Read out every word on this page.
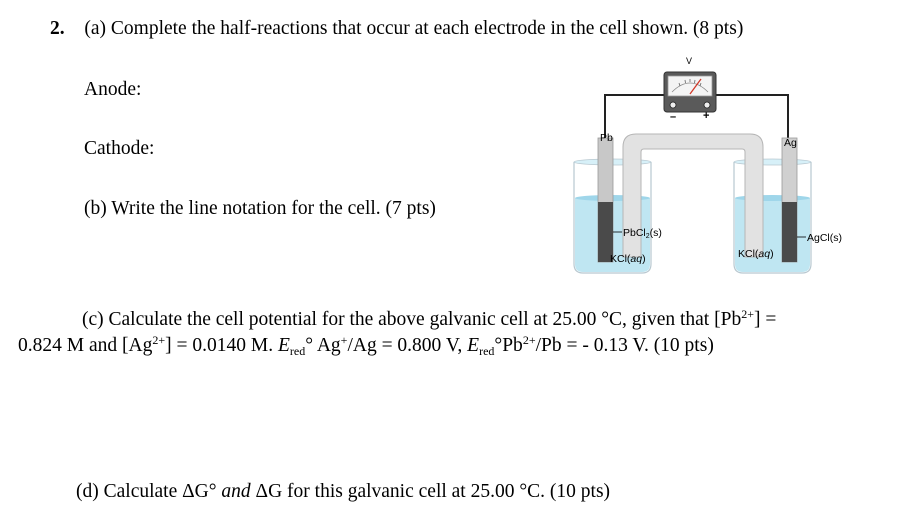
2. (a) Complete the half-reactions that occur at each electrode in the cell shown. (8 pts)
Anode:
Cathode:
(b) Write the line notation for the cell. (7 pts)
(c) Calculate the cell potential for the above galvanic cell at 25.00 °C, given that $[Pb^{2+}]$ =
0.824 M and $[Ag^{2+}] = 0.0140$ M. $E_{red}^\circ$ Ag+/Ag = 0.800 V, $E_{red}^\circ Pb^{2+}/Pb$ = - 0.13 V. (10 pts)
(d) Calculate ΔG° and ΔG for this galvanic cell at 25.00 °C. (10 pts)
V
– +
Pb	Ag
PbCl$_2$(s)	AgCl(s)
KCl(aq)	KCl(aq)
